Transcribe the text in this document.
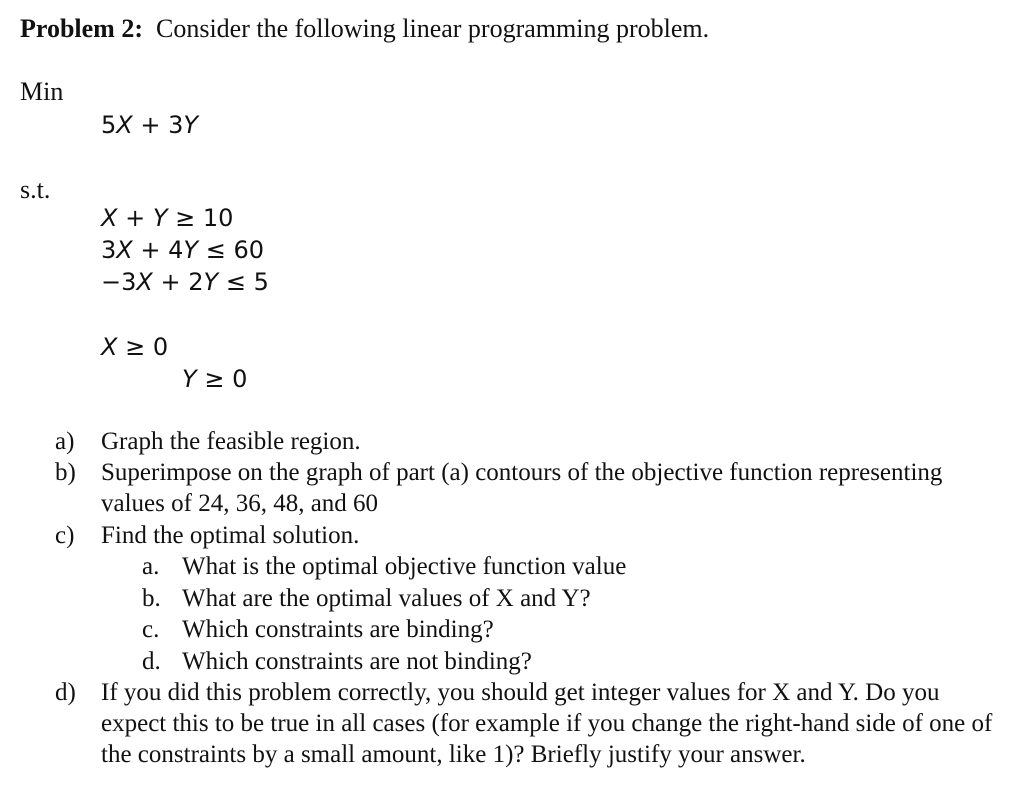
Problem 2: Consider the following linear programming problem.
Min
5X + 3Y
s.t.
X + Y ≥ 10
3X + 4Y ≤ 60
−3X + 2Y ≤ 5
X ≥ 0
Y ≥ 0
a)	Graph the feasible region.
b)	Superimpose on the graph of part (a) contours of the objective function representing values of 24, 36, 48, and 60
c)	Find the optimal solution.
a. What is the optimal objective function value
b. What are the optimal values of X and Y?
c. Which constraints are binding?
d. Which constraints are not binding?
d)	If you did this problem correctly, you should get integer values for X and Y. Do you expect this to be true in all cases (for example if you change the right-hand side of one of the constraints by a small amount, like 1)? Briefly justify your answer.
